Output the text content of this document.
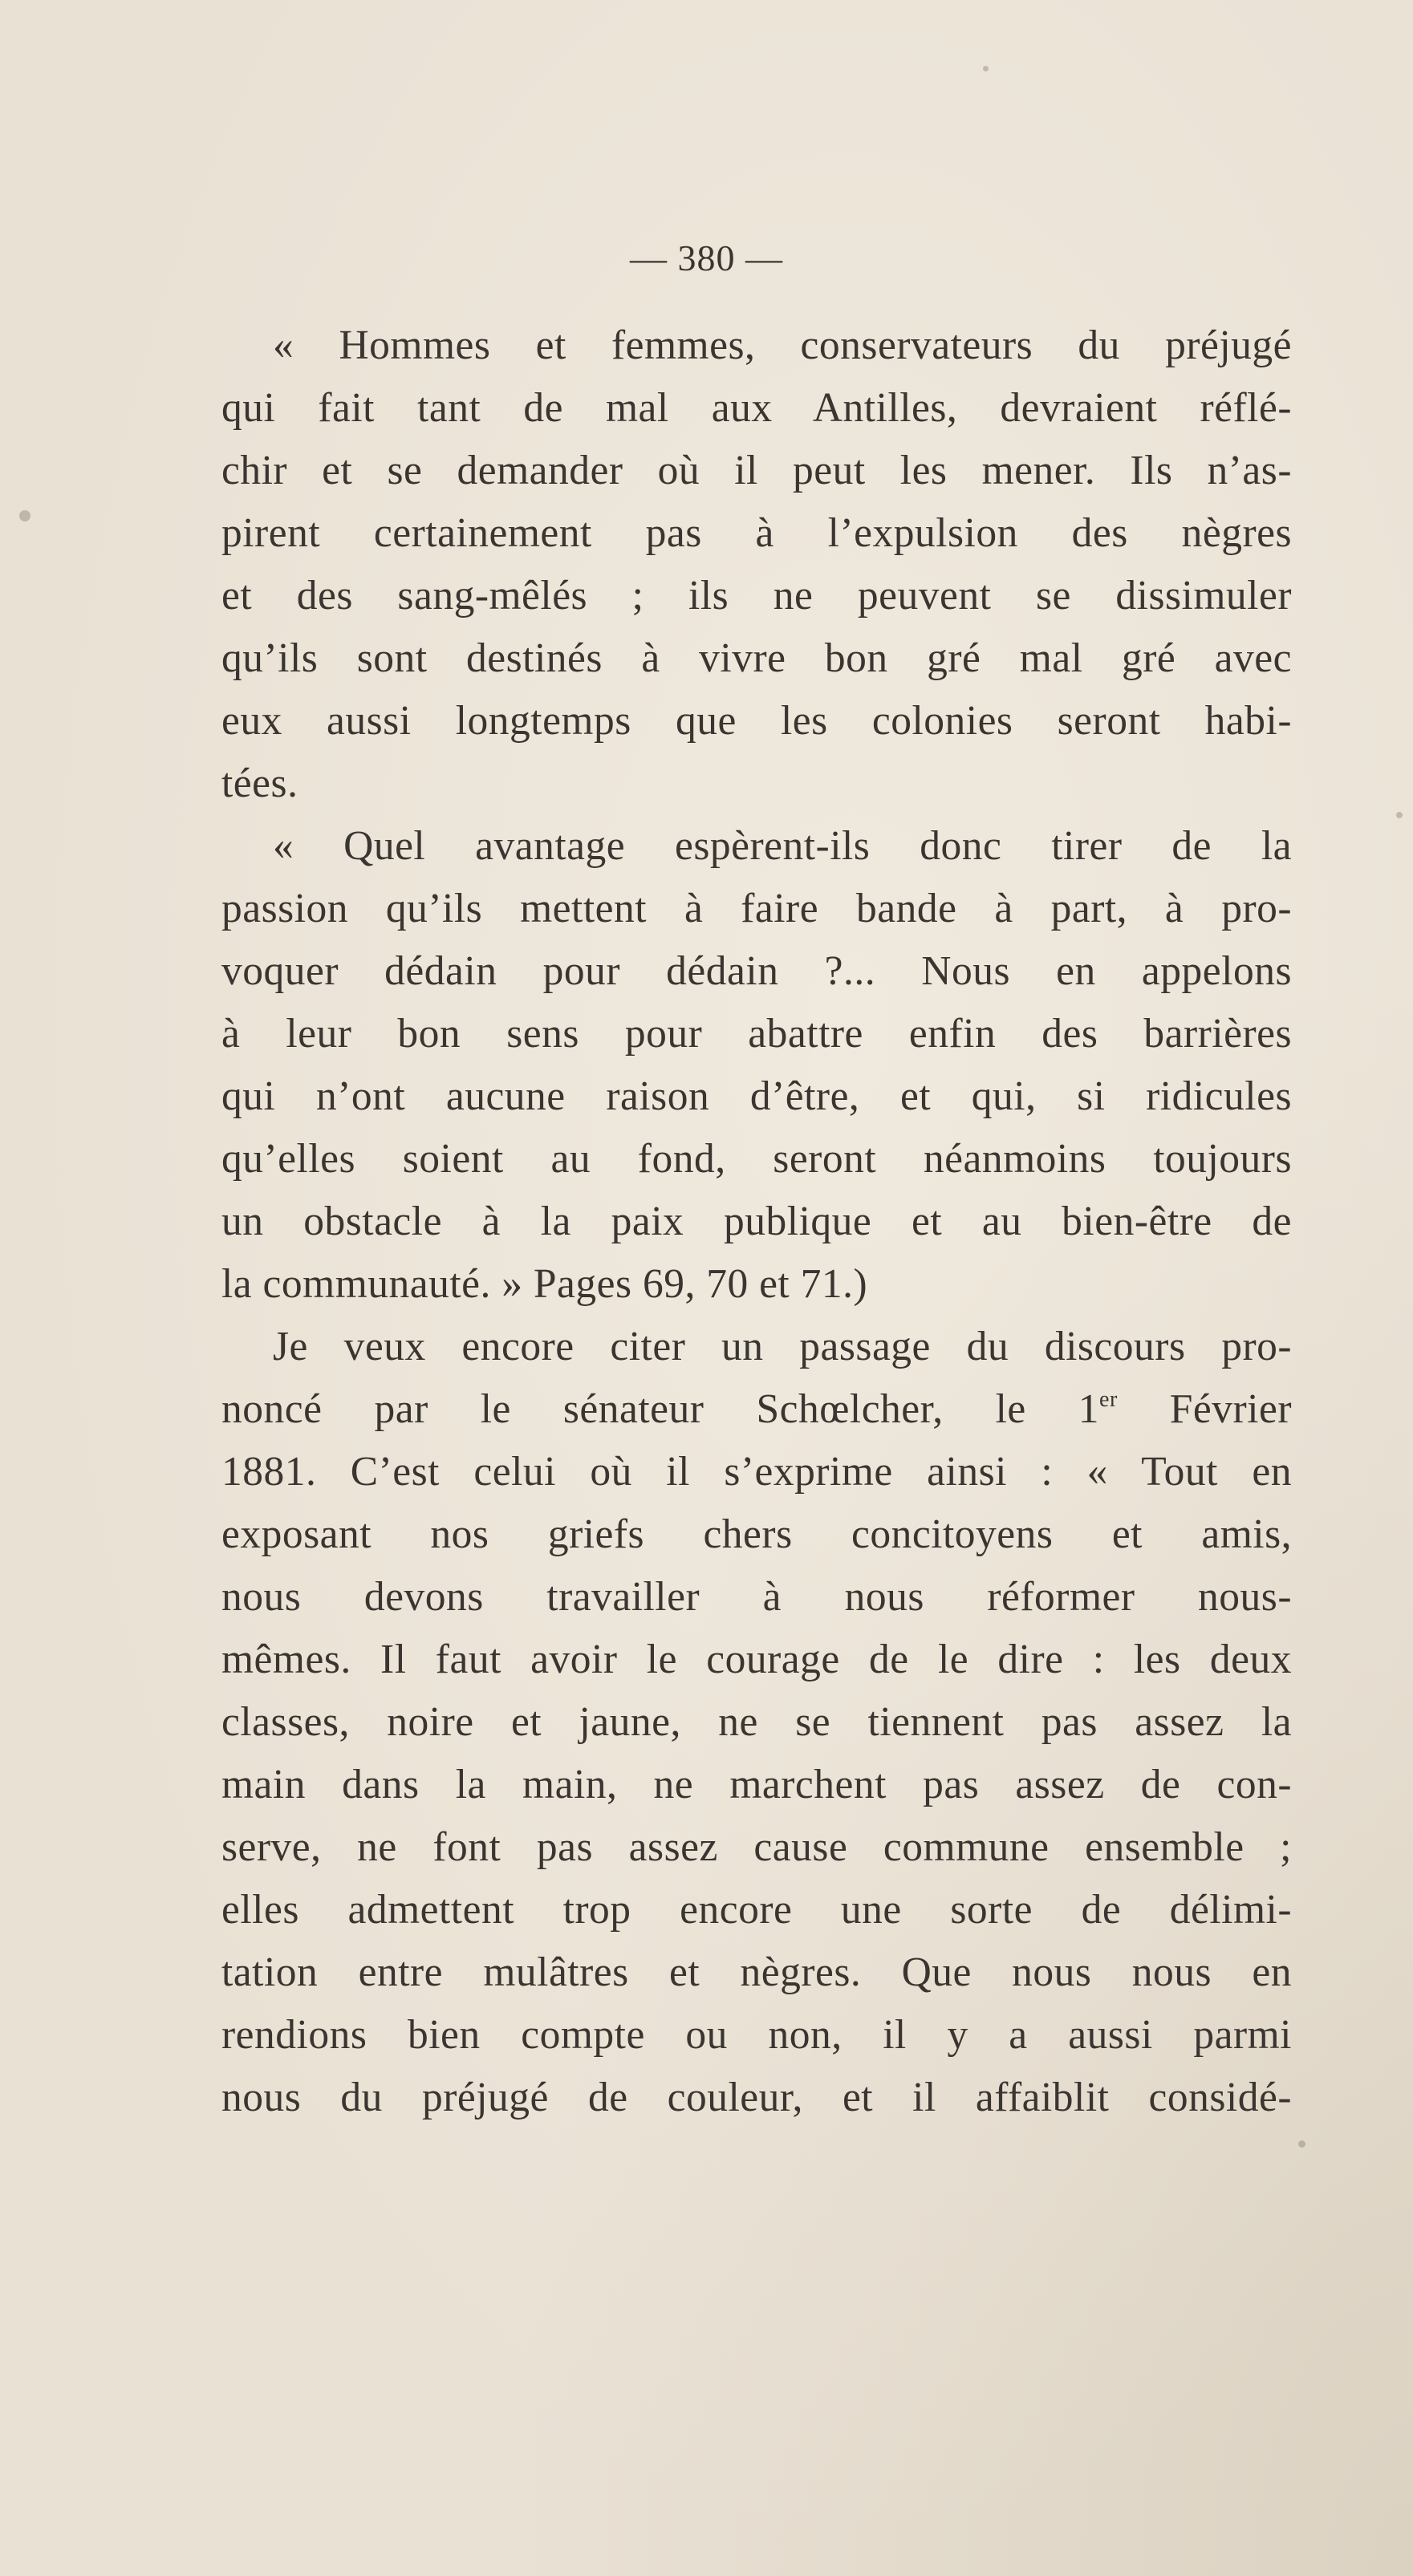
— 380 —
« Hommes et femmes, conservateurs du préjugé
qui fait tant de mal aux Antilles, devraient réflé-
chir et se demander où il peut les mener. Ils n’as-
pirent certainement pas à l’expulsion des nègres
et des sang-mêlés ; ils ne peuvent se dissimuler
qu’ils sont destinés à vivre bon gré mal gré avec
eux aussi longtemps que les colonies seront habi-
tées.
« Quel avantage espèrent-ils donc tirer de la
passion qu’ils mettent à faire bande à part, à pro-
voquer dédain pour dédain ?... Nous en appelons
à leur bon sens pour abattre enfin des barrières
qui n’ont aucune raison d’être, et qui, si ridicules
qu’elles soient au fond, seront néanmoins toujours
un obstacle à la paix publique et au bien-être de
la communauté. » Pages 69, 70 et 71.)
Je veux encore citer un passage du discours pro-
noncé par le sénateur Schœlcher, le 1er Février
1881. C’est celui où il s’exprime ainsi : « Tout en
exposant nos griefs chers concitoyens et amis,
nous devons travailler à nous réformer nous-
mêmes. Il faut avoir le courage de le dire : les deux
classes, noire et jaune, ne se tiennent pas assez la
main dans la main, ne marchent pas assez de con-
serve, ne font pas assez cause commune ensemble ;
elles admettent trop encore une sorte de délimi-
tation entre mulâtres et nègres. Que nous nous en
rendions bien compte ou non, il y a aussi parmi
nous du préjugé de couleur, et il affaiblit considé-
